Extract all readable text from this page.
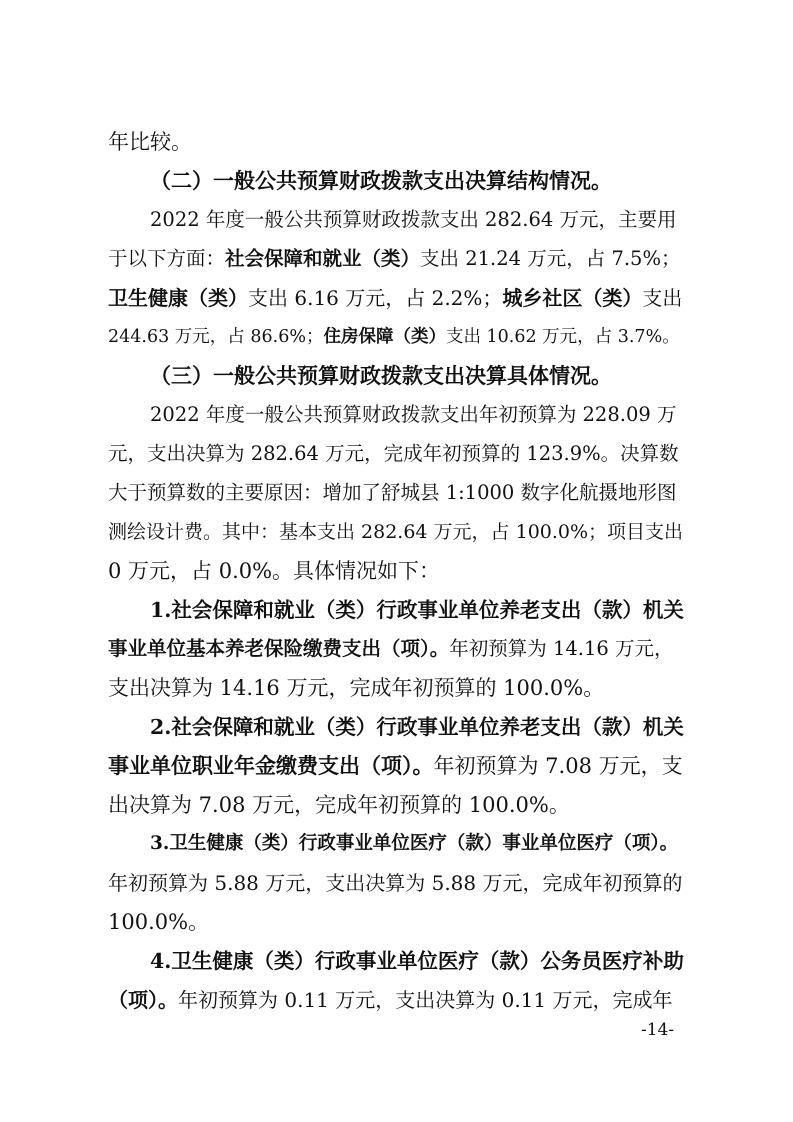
年比较。

（二）一般公共预算财政拨款支出决算结构情况。

2022 年度一般公共预算财政拨款支出 282.64 万元，主要用

于以下方面：社会保障和就业（类）支出 21.24 万元，占 7.5%；

卫生健康（类）支出 6.16 万元，占 2.2%；城乡社区（类）支出

244.63 万元，占 86.6%；住房保障（类）支出 10.62 万元，占 3.7%。

（三）一般公共预算财政拨款支出决算具体情况。

2022 年度一般公共预算财政拨款支出年初预算为 228.09 万

元，支出决算为 282.64 万元，完成年初预算的 123.9%。决算数

大于预算数的主要原因：增加了舒城县 1:1000 数字化航摄地形图

测绘设计费。其中：基本支出 282.64 万元，占 100.0%；项目支出

0 万元，占 0.0%。具体情况如下：

1.社会保障和就业（类）行政事业单位养老支出（款）机关

事业单位基本养老保险缴费支出（项）。年初预算为 14.16 万元，

支出决算为 14.16 万元，完成年初预算的 100.0%。

2.社会保障和就业（类）行政事业单位养老支出（款）机关

事业单位职业年金缴费支出（项）。年初预算为 7.08 万元，支

出决算为 7.08 万元，完成年初预算的 100.0%。

3.卫生健康（类）行政事业单位医疗（款）事业单位医疗（项）。

年初预算为 5.88 万元，支出决算为 5.88 万元，完成年初预算的

100.0%。

4.卫生健康（类）行政事业单位医疗（款）公务员医疗补助

（项）。年初预算为 0.11 万元，支出决算为 0.11 万元，完成年

-14-
